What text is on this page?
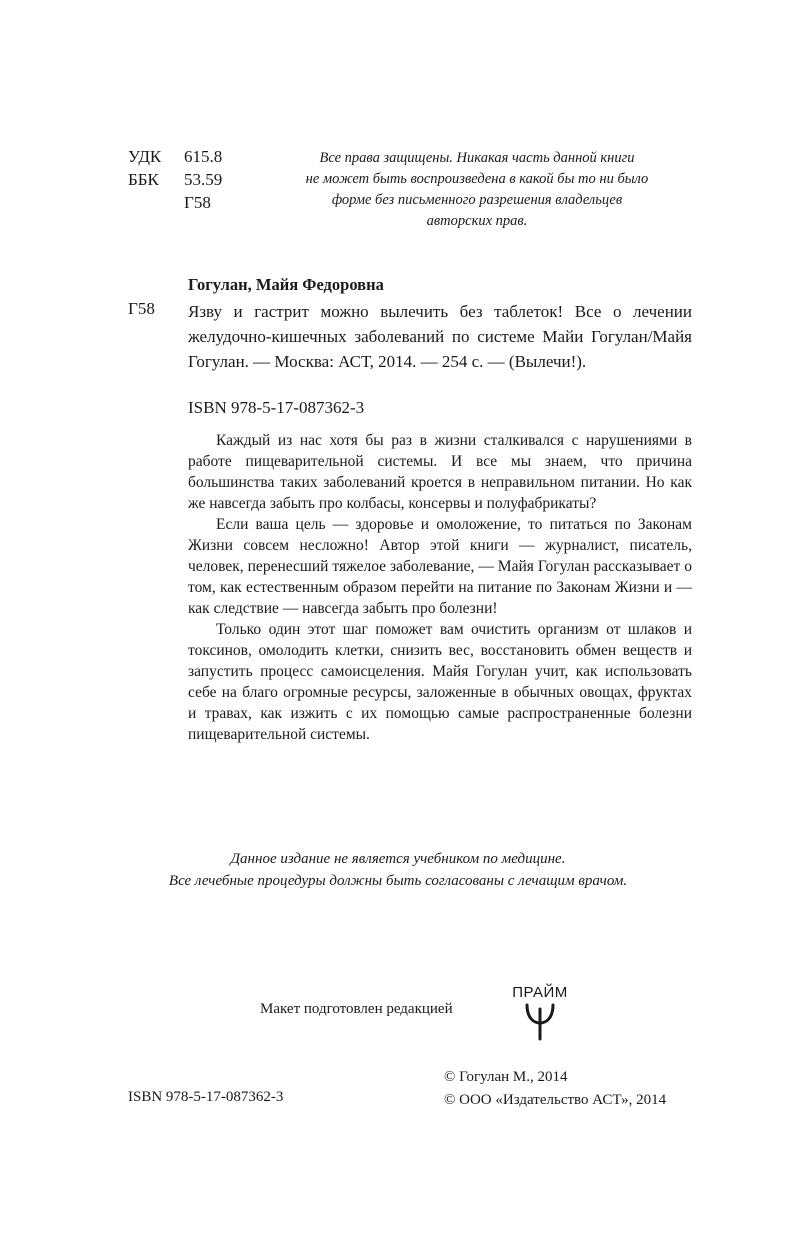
УДК	615.8
ББК	53.59
Г58
Все права защищены. Никакая часть данной книги
не может быть воспроизведена в какой бы то ни было
форме без письменного разрешения владельцев
авторских прав.
Гогулан, Майя Федоровна
Г58 Язву и гастрит можно вылечить без таблеток! Все о лечении желудочно-кишечных заболеваний по системе Майи Гогулан/Майя Гогулан. — Москва: АСТ, 2014. — 254 с. — (Вылечи!).
ISBN 978-5-17-087362-3

Каждый из нас хотя бы раз в жизни сталкивался с нарушениями в работе пищеварительной системы. И все мы знаем, что причина большинства таких заболеваний кроется в неправильном питании. Но как же навсегда забыть про колбасы, консервы и полуфабрикаты?

Если ваша цель — здоровье и омоложение, то питаться по Законам Жизни совсем несложно! Автор этой книги — журналист, писатель, человек, перенесший тяжелое заболевание, — Майя Гогулан рассказывает о том, как естественным образом перейти на питание по Законам Жизни и — как следствие — навсегда забыть про болезни!

Только один этот шаг поможет вам очистить организм от шлаков и токсинов, омолодить клетки, снизить вес, восстановить обмен веществ и запустить процесс самоисцеления. Майя Гогулан учит, как использовать себе на благо огромные ресурсы, заложенные в обычных овощах, фруктах и травах, как изжить с их помощью самые распространенные болезни пищеварительной системы.

Данное издание не является учебником по медицине.
Все лечебные процедуры должны быть согласованы с лечащим врачом.
Макет подготовлен редакцией
ПРАЙМ
ISBN 978-5-17-087362-3
© Гогулан М., 2014
© ООО «Издательство АСТ», 2014
